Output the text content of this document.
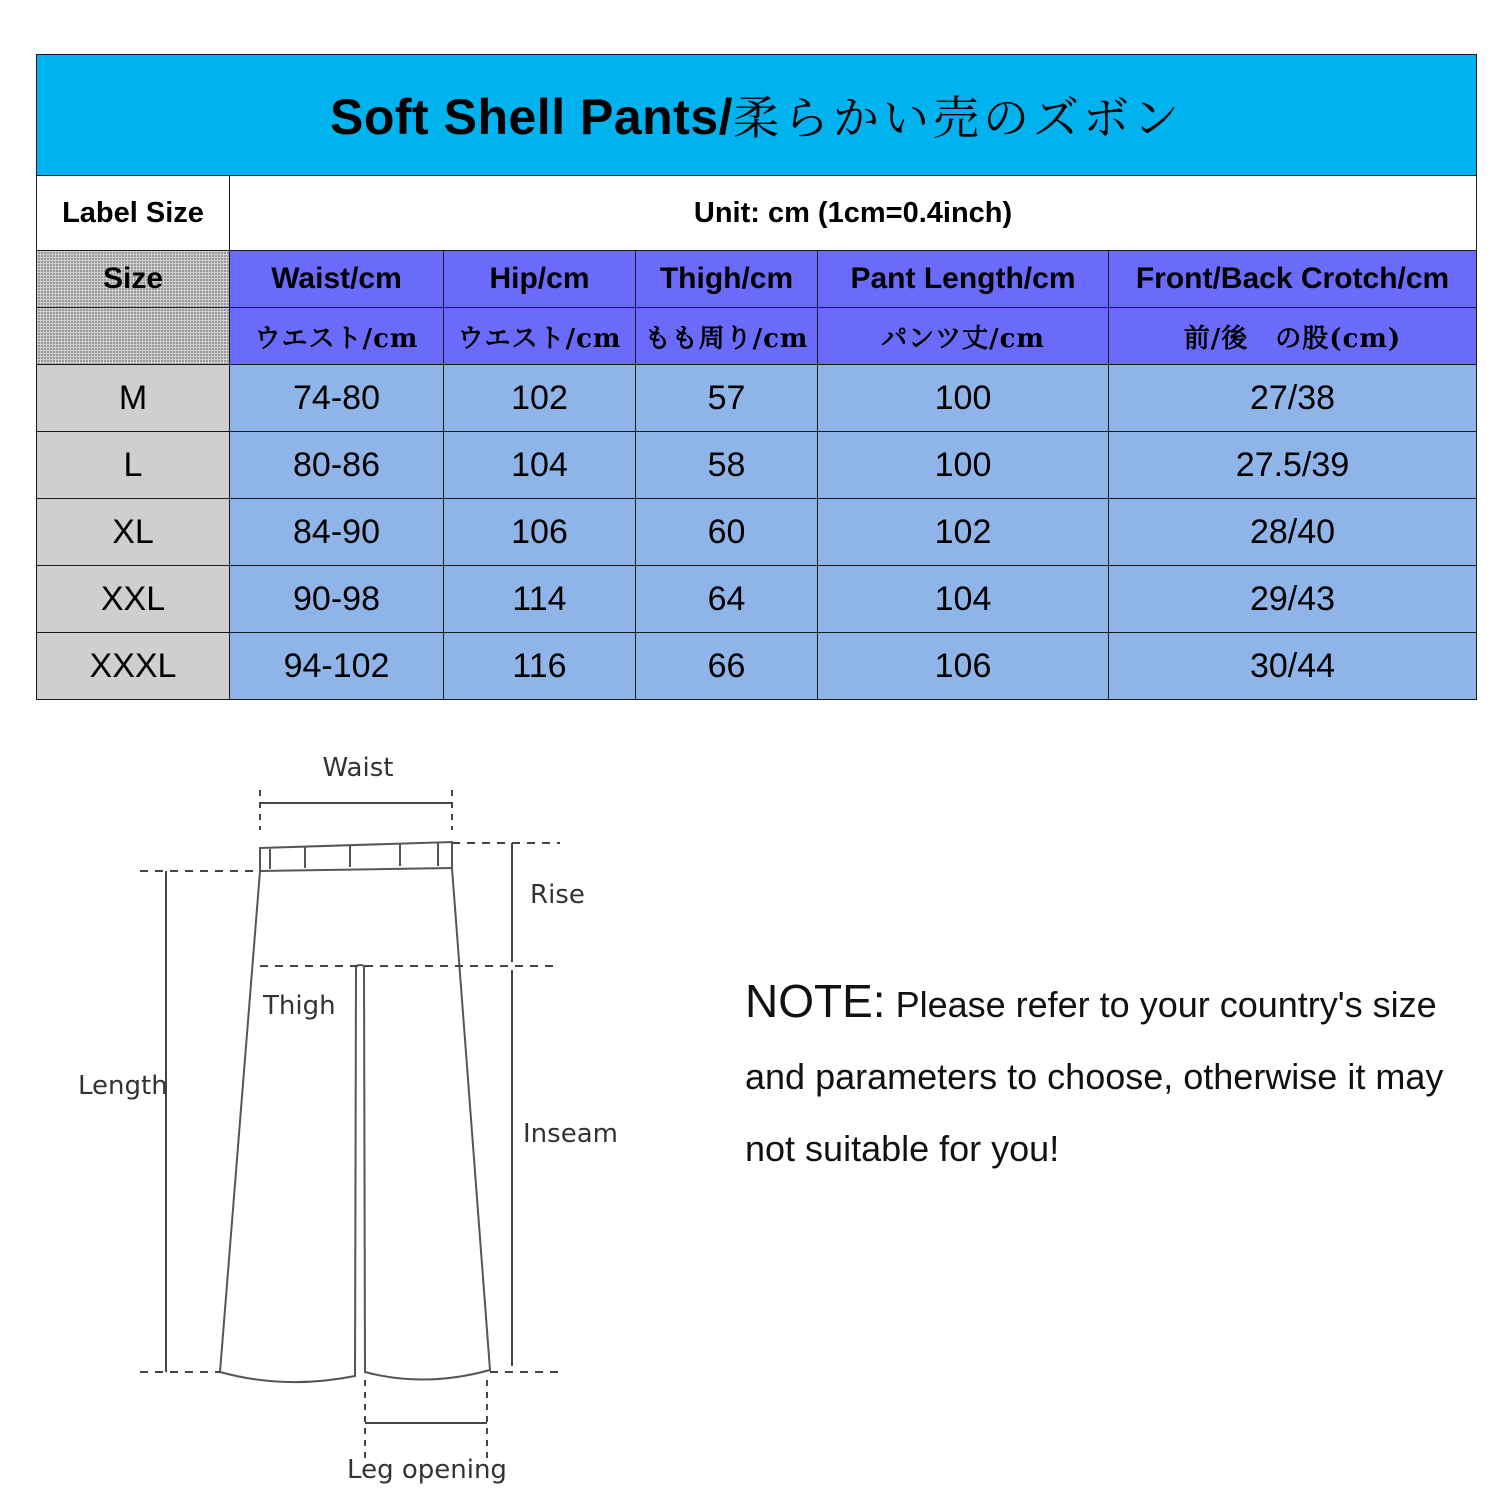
Soft Shell Pants/柔らかい売のズボン					
Label Size	Unit: cm (1cm=0.4inch)				
Size	Waist/cm	Hip/cm	Thigh/cm	Pant Length/cm	Front/Back Crotch/cm
	ウエスト/cm	ウエスト/cm	もも周り/cm	パンツ丈/cm	前/後　の股(cm)
M	74-80	102	57	100	27/38
L	80-86	104	58	100	27.5/39
XL	84-90	106	60	102	28/40
XXL	90-98	114	64	104	29/43
XXXL	94-102	116	66	106	30/44
Waist
Rise
Inseam
Thigh
Length
Leg opening
NOTE: Please refer to your country's size and parameters to choose, otherwise it may not suitable for you!
